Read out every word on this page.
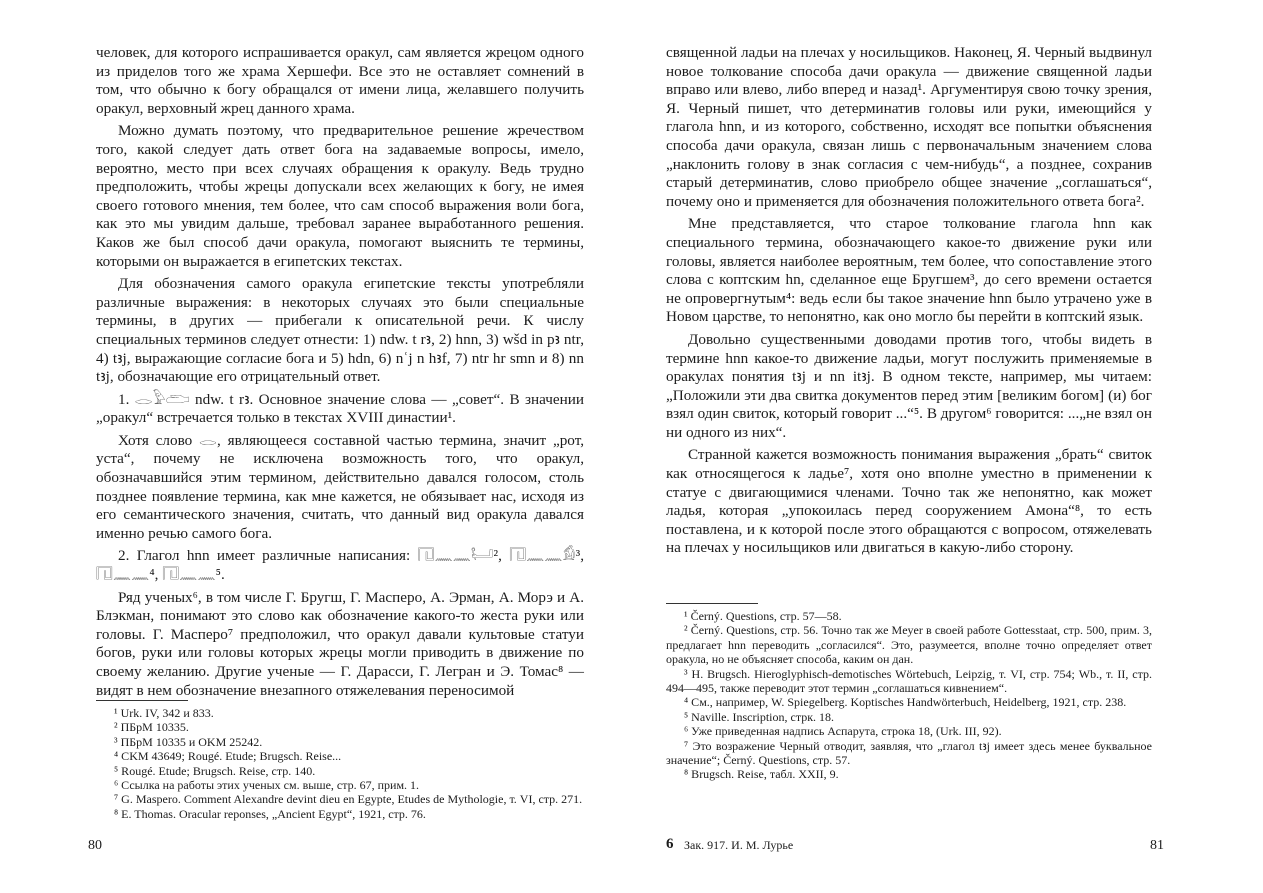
человек, для которого испрашивается оракул, сам является жрецом одного из приделов того же храма Хершефи. Все это не оставляет сомнений в том, что обычно к богу обращался от имени лица, желавшего получить оракул, верховный жрец данного храма.

Можно думать поэтому, что предварительное решение жречеством того, какой следует дать ответ бога на задаваемые вопросы, имело, вероятно, место при всех случаях обращения к оракулу. Ведь трудно предположить, чтобы жрецы допускали всех желающих к богу, не имея своего готового мнения, тем более, что сам способ выражения воли бога, как это мы увидим дальше, требовал заранее выработанного решения. Каков же был способ дачи оракула, помогают выяснить те термины, которыми он выражается в египетских текстах.

Для обозначения самого оракула египетские тексты употребляли различные выражения: в некоторых случаях это были специальные термины, в других — прибегали к описательной речи. К числу специальных терминов следует отнести: 1) ndw. t rꜣ, 2) hnn, 3) wšd in pꜣ ntr, 4) tꜣj, выражающие согласие бога и 5) hdn, 6) nʿj n hꜣf, 7) ntr hr smn и 8) nn tꜣj, обозначающие его отрицательный ответ.

1. 𓂋𓅱𓂧 ndw. t rꜣ. Основное значение слова — „совет“. В значении „оракул“ встречается только в текстах XVIII династии¹.

Хотя слово 𓂋, являющееся составной частью термина, значит „рот, уста“, почему не исключена возможность того, что оракул, обозначавшийся этим термином, действительно давался голосом, столь позднее появление термина, как мне кажется, не обязывает нас, исходя из его семантического значения, считать, что данный вид оракула давался именно речью самого бога.

2. Глагол hnn имеет различные написания: 𓉔𓈖𓈖𓂡², 𓉔𓈖𓈖𓀁³, 𓉔𓈖𓈖⁴, 𓉔𓈖𓈖⁵.

Ряд ученых⁶, в том числе Г. Бругш, Г. Масперо, А. Эрман, А. Морэ и А. Блэкман, понимают это слово как обозначение какого-то жеста руки или головы. Г. Масперо⁷ предположил, что оракул давали культовые статуи богов, руки или головы которых жрецы могли приводить в движение по своему желанию. Другие ученые — Г. Дарасси, Г. Легран и Э. Томас⁸ — видят в нем обозначение внезапного отяжелевания переносимой

¹ Urk. IV, 342 и 833.

² ПБрМ 10335.

³ ПБрМ 10335 и OKM 25242.

⁴ CKM 43649; Rougé. Etude; Brugsch. Reise...

⁵ Rougé. Etude; Brugsch. Reise, стр. 140.

⁶ Ссылка на работы этих ученых см. выше, стр. 67, прим. 1.

⁷ G. Maspero. Comment Alexandre devint dieu en Egypte, Etudes de Mythologie, т. VI, стр. 271.

⁸ E. Thomas. Oracular reponses, „Ancient Egypt“, 1921, стр. 76.

80

священной ладьи на плечах у носильщиков. Наконец, Я. Черный выдвинул новое толкование способа дачи оракула — движение священной ладьи вправо или влево, либо вперед и назад¹. Аргументируя свою точку зрения, Я. Черный пишет, что детерминатив головы или руки, имеющийся у глагола hnn, и из которого, собственно, исходят все попытки объяснения способа дачи оракула, связан лишь с первоначальным значением слова „наклонить голову в знак согласия с чем-нибудь“, а позднее, сохранив старый детерминатив, слово приобрело общее значение „соглашаться“, почему оно и применяется для обозначения положительного ответа бога².

Мне представляется, что старое толкование глагола hnn как специального термина, обозначающего какое-то движение руки или головы, является наиболее вероятным, тем более, что сопоставление этого слова с коптским hn, сделанное еще Бругшем³, до сего времени остается не опровергнутым⁴: ведь если бы такое значение hnn было утрачено уже в Новом царстве, то непонятно, как оно могло бы перейти в коптский язык.

Довольно существенными доводами против того, чтобы видеть в термине hnn какое-то движение ладьи, могут послужить применяемые в оракулах понятия tꜣj и nn itꜣj. В одном тексте, например, мы читаем: „Положили эти два свитка документов перед этим [великим богом] (и) бог взял один свиток, который говорит ...“⁵. В другом⁶ говорится: ...„не взял он ни одного из них“.

Странной кажется возможность понимания выражения „брать“ свиток как относящегося к ладье⁷, хотя оно вполне уместно в применении к статуе с двигающимися членами. Точно так же непонятно, как может ладья, которая „упокоилась перед сооружением Амона“⁸, то есть поставлена, и к которой после этого обращаются с вопросом, отяжелевать на плечах у носильщиков или двигаться в какую-либо сторону.

¹ Černý. Questions, стр. 57—58.

² Černý. Questions, стр. 56. Точно так же Meyer в своей работе Gottesstaat, стр. 500, прим. 3, предлагает hnn переводить „согласился“. Это, разумеется, вполне точно определяет ответ оракула, но не объясняет способа, каким он дан.

³ H. Brugsch. Hieroglyphisch-demotisches Wörtebuch, Leipzig, т. VI, стр. 754; Wb., т. II, стр. 494—495, также переводит этот термин „соглашаться кивнением“.

⁴ См., например, W. Spiegelberg. Koptisches Handwörterbuch, Heidelberg, 1921, стр. 238.

⁵ Naville. Inscription, стрк. 18.

⁶ Уже приведенная надпись Аспарута, строка 18, (Urk. III, 92).

⁷ Это возражение Черный отводит, заявляя, что „глагол tꜣj имеет здесь менее буквальное значение“; Černý. Questions, стр. 57.

⁸ Brugsch. Reise, табл. XXII, 9.

6 Зак. 917. И. М. Лурье	81
